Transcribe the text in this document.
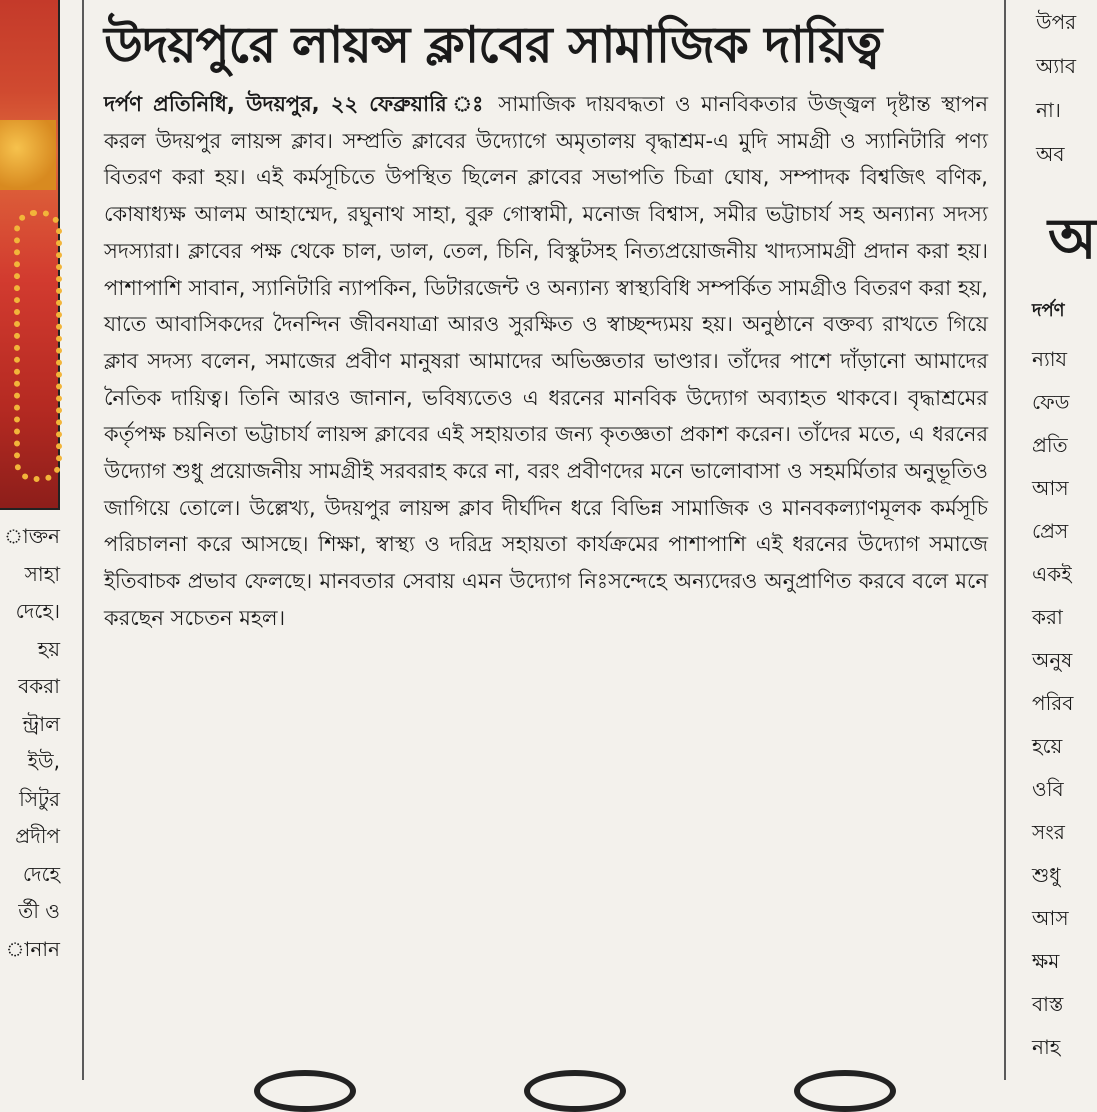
াক্তন
সাহা
দেহে।
হয়
বকরা
ন্ট্রাল
ইউ,
সিটুর
প্রদীপ
দেহে
র্তী ও
ানান
উদয়পুরে লায়ন্স ক্লাবের সামাজিক দায়িত্ব
দর্পণ প্রতিনিধি, উদয়পুর, ২২ ফেব্রুয়ারি ঃ সামাজিক দায়বদ্ধতা ও মানবিকতার উজ্জ্বল দৃষ্টান্ত স্থাপন করল উদয়পুর লায়ন্স ক্লাব। সম্প্রতি ক্লাবের উদ্যোগে অমৃতালয় বৃদ্ধাশ্রম-এ মুদি সামগ্রী ও স্যানিটারি পণ্য বিতরণ করা হয়। এই কর্মসূচিতে উপস্থিত ছিলেন ক্লাবের সভাপতি চিত্রা ঘোষ, সম্পাদক বিশ্বজিৎ বণিক, কোষাধ্যক্ষ আলম আহাম্মেদ, রঘুনাথ সাহা, বুরু গোস্বামী, মনোজ বিশ্বাস, সমীর ভট্টাচার্য সহ অন্যান্য সদস্য সদস্যারা। ক্লাবের পক্ষ থেকে চাল, ডাল, তেল, চিনি, বিস্কুটসহ নিত্যপ্রয়োজনীয় খাদ্যসামগ্রী প্রদান করা হয়। পাশাপাশি সাবান, স্যানিটারি ন্যাপকিন, ডিটারজেন্ট ও অন্যান্য স্বাস্থ্যবিধি সম্পর্কিত সামগ্রীও বিতরণ করা হয়, যাতে আবাসিকদের দৈনন্দিন জীবনযাত্রা আরও সুরক্ষিত ও স্বাচ্ছন্দ্যময় হয়। অনুষ্ঠানে বক্তব্য রাখতে গিয়ে ক্লাব সদস্য বলেন, সমাজের প্রবীণ মানুষরা আমাদের অভিজ্ঞতার ভাণ্ডার। তাঁদের পাশে দাঁড়ানো আমাদের নৈতিক দায়িত্ব। তিনি আরও জানান, ভবিষ্যতেও এ ধরনের মানবিক উদ্যোগ অব্যাহত থাকবে। বৃদ্ধাশ্রমের কর্তৃপক্ষ চয়নিতা ভট্টাচার্য লায়ন্স ক্লাবের এই সহায়তার জন্য কৃতজ্ঞতা প্রকাশ করেন। তাঁদের মতে, এ ধরনের উদ্যোগ শুধু প্রয়োজনীয় সামগ্রীই সরবরাহ করে না, বরং প্রবীণদের মনে ভালোবাসা ও সহমর্মিতার অনুভূতিও জাগিয়ে তোলে। উল্লেখ্য, উদয়পুর লায়ন্স ক্লাব দীর্ঘদিন ধরে বিভিন্ন সামাজিক ও মানবকল্যাণমূলক কর্মসূচি পরিচালনা করে আসছে। শিক্ষা, স্বাস্থ্য ও দরিদ্র সহায়তা কার্যক্রমের পাশাপাশি এই ধরনের উদ্যোগ সমাজে ইতিবাচক প্রভাব ফেলছে। মানবতার সেবায় এমন উদ্যোগ নিঃসন্দেহে অন্যদেরও অনুপ্রাণিত করবে বলে মনে করছেন সচেতন মহল।
উপর
অ্যাব
না।
অব
অ
দর্পণ
ন্যায
ফেড
প্রতি
আস
প্রেস
একই
করা
অনুষ
পরিব
হয়ে
ওবি
সংর
শুধু
আস
ক্ষম
বাস্ত
নাহ
